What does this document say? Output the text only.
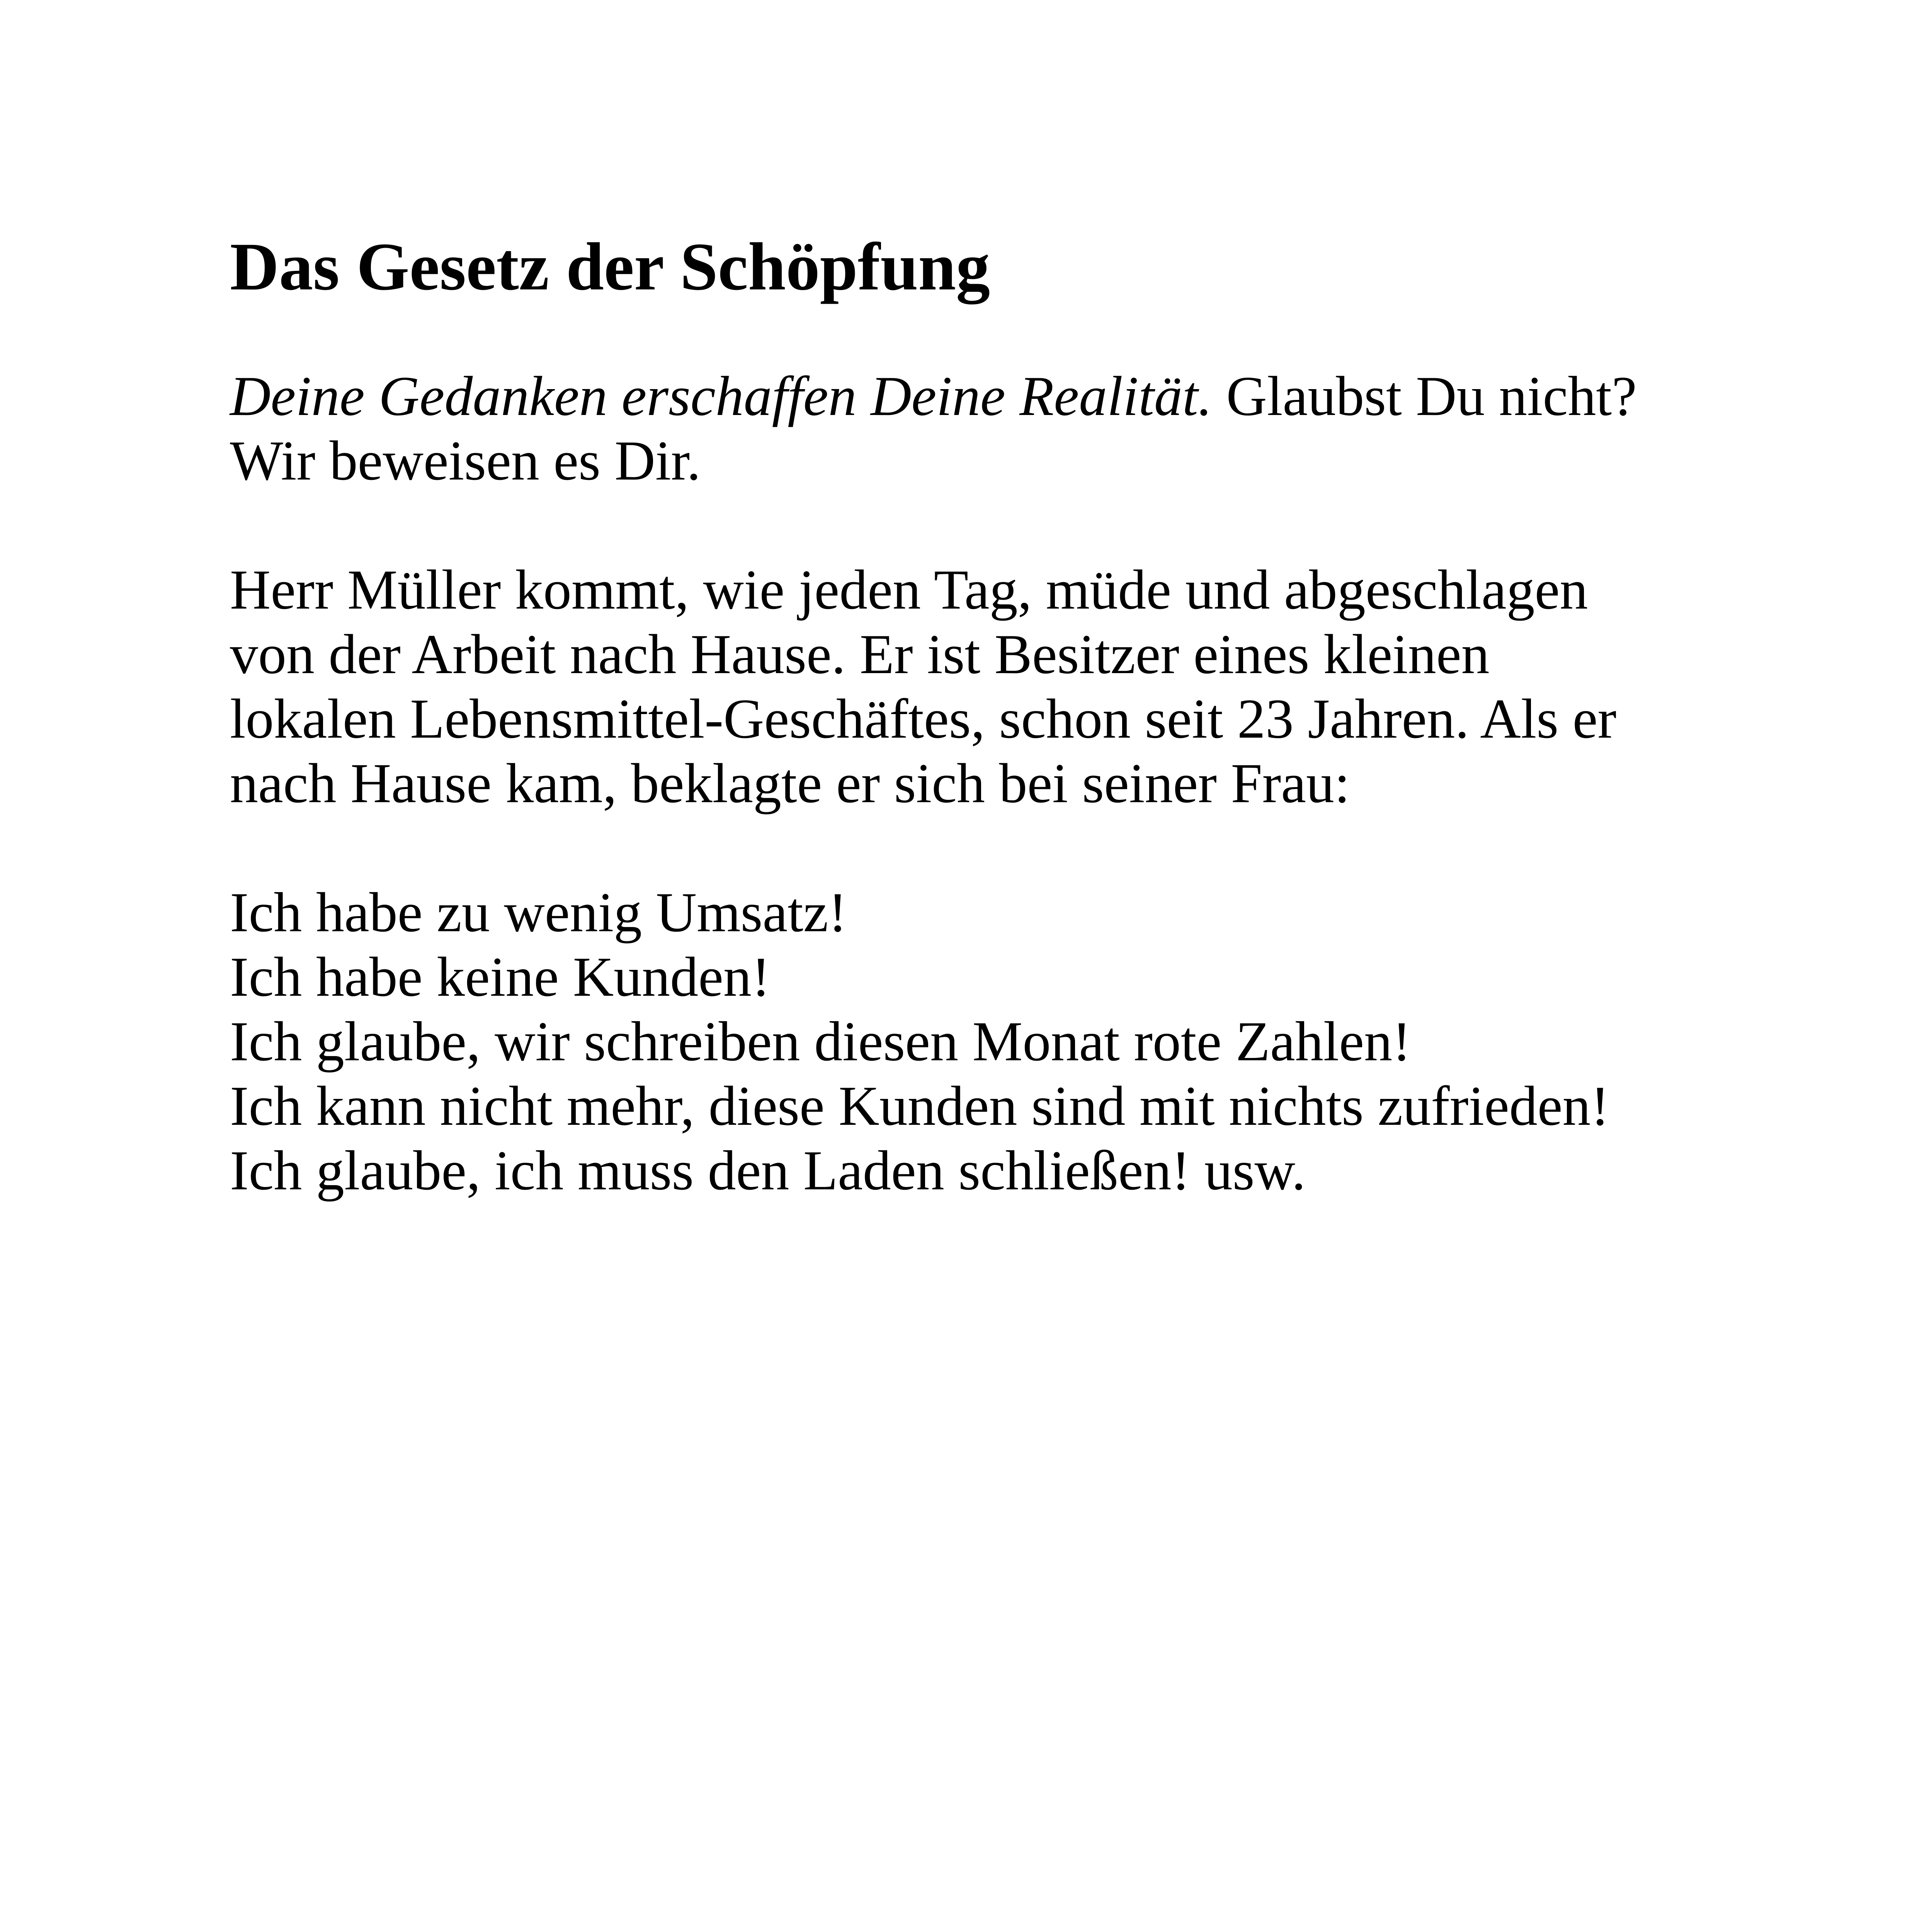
Das Gesetz der Schöpfung

Deine Gedanken erschaffen Deine Realität. Glaubst Du nicht?
Wir beweisen es Dir.

Herr Müller kommt, wie jeden Tag, müde und abgeschlagen
von der Arbeit nach Hause. Er ist Besitzer eines kleinen
lokalen Lebensmittel-Geschäftes, schon seit 23 Jahren. Als er
nach Hause kam, beklagte er sich bei seiner Frau:

Ich habe zu wenig Umsatz!
Ich habe keine Kunden!
Ich glaube, wir schreiben diesen Monat rote Zahlen!
Ich kann nicht mehr, diese Kunden sind mit nichts zufrieden!
Ich glaube, ich muss den Laden schließen! usw.
